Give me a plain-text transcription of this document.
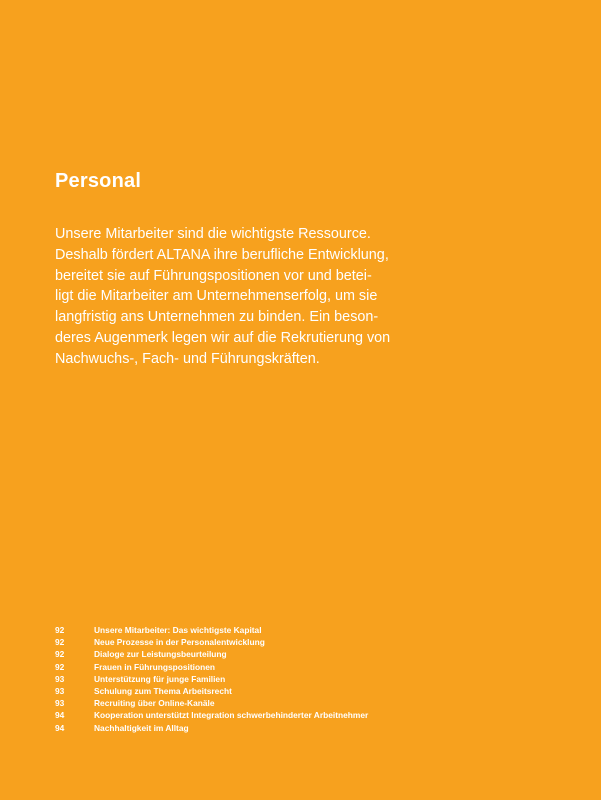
Personal
Unsere Mitarbeiter sind die wichtigste Ressource.
Deshalb fördert ALTANA ihre berufliche Entwicklung,
bereitet sie auf Führungspositionen vor und betei-
ligt die Mitarbeiter am Unternehmenserfolg, um sie
langfristig ans Unternehmen zu binden. Ein beson-
deres Augenmerk legen wir auf die Rekrutierung von
Nachwuchs-, Fach- und Führungskräften.
92	Unsere Mitarbeiter: Das wichtigste Kapital
92	Neue Prozesse in der Personalentwicklung
92	Dialoge zur Leistungsbeurteilung
92	Frauen in Führungspositionen
93	Unterstützung für junge Familien
93	Schulung zum Thema Arbeitsrecht
93	Recruiting über Online-Kanäle
94	Kooperation unterstützt Integration schwerbehinderter Arbeitnehmer
94	Nachhaltigkeit im Alltag
